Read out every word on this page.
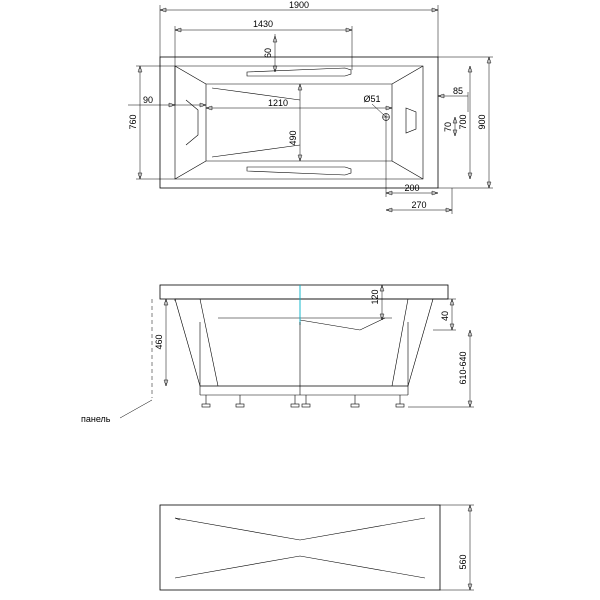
1900
1430
60
90
760
1210	Ø51
85
700 900
490
70
200
270
панель
120
460
40
610-640
560
